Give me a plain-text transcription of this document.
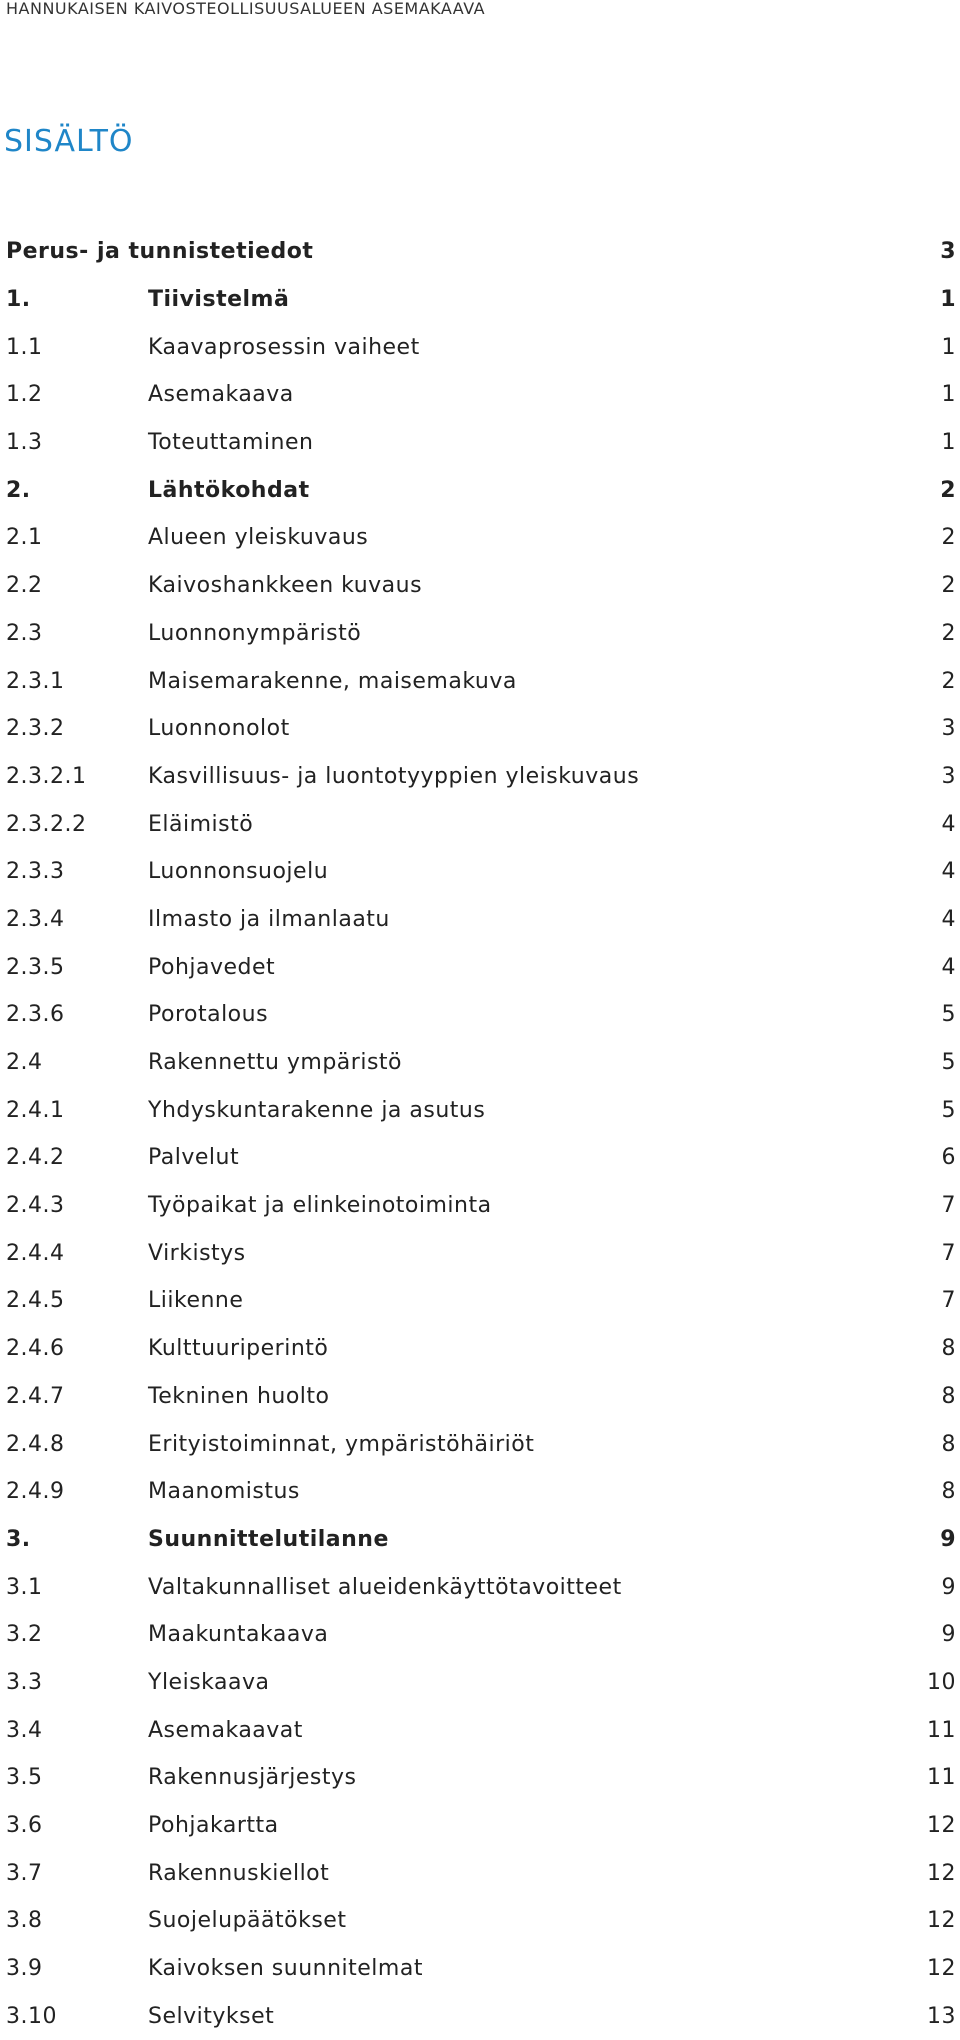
HANNUKAISEN KAIVOSTEOLLISUUSALUEEN ASEMAKAAVA
SISÄLTÖ
Perus- ja tunnistetiedot	3
1.	Tiivistelmä	1
1.1	Kaavaprosessin vaiheet	1
1.2	Asemakaava	1
1.3	Toteuttaminen	1
2.	Lähtökohdat	2
2.1	Alueen yleiskuvaus	2
2.2	Kaivoshankkeen kuvaus	2
2.3	Luonnonympäristö	2
2.3.1	Maisemarakenne, maisemakuva	2
2.3.2	Luonnonolot	3
2.3.2.1	Kasvillisuus- ja luontotyyppien yleiskuvaus	3
2.3.2.2	Eläimistö	4
2.3.3	Luonnonsuojelu	4
2.3.4	Ilmasto ja ilmanlaatu	4
2.3.5	Pohjavedet	4
2.3.6	Porotalous	5
2.4	Rakennettu ympäristö	5
2.4.1	Yhdyskuntarakenne ja asutus	5
2.4.2	Palvelut	6
2.4.3	Työpaikat ja elinkeinotoiminta	7
2.4.4	Virkistys	7
2.4.5	Liikenne	7
2.4.6	Kulttuuriperintö	8
2.4.7	Tekninen huolto	8
2.4.8	Erityistoiminnat, ympäristöhäiriöt	8
2.4.9	Maanomistus	8
3.	Suunnittelutilanne	9
3.1	Valtakunnalliset alueidenkäyttötavoitteet	9
3.2	Maakuntakaava	9
3.3	Yleiskaava	10
3.4	Asemakaavat	11
3.5	Rakennusjärjestys	11
3.6	Pohjakartta	12
3.7	Rakennuskiellot	12
3.8	Suojelupäätökset	12
3.9	Kaivoksen suunnitelmat	12
3.10	Selvitykset	13
